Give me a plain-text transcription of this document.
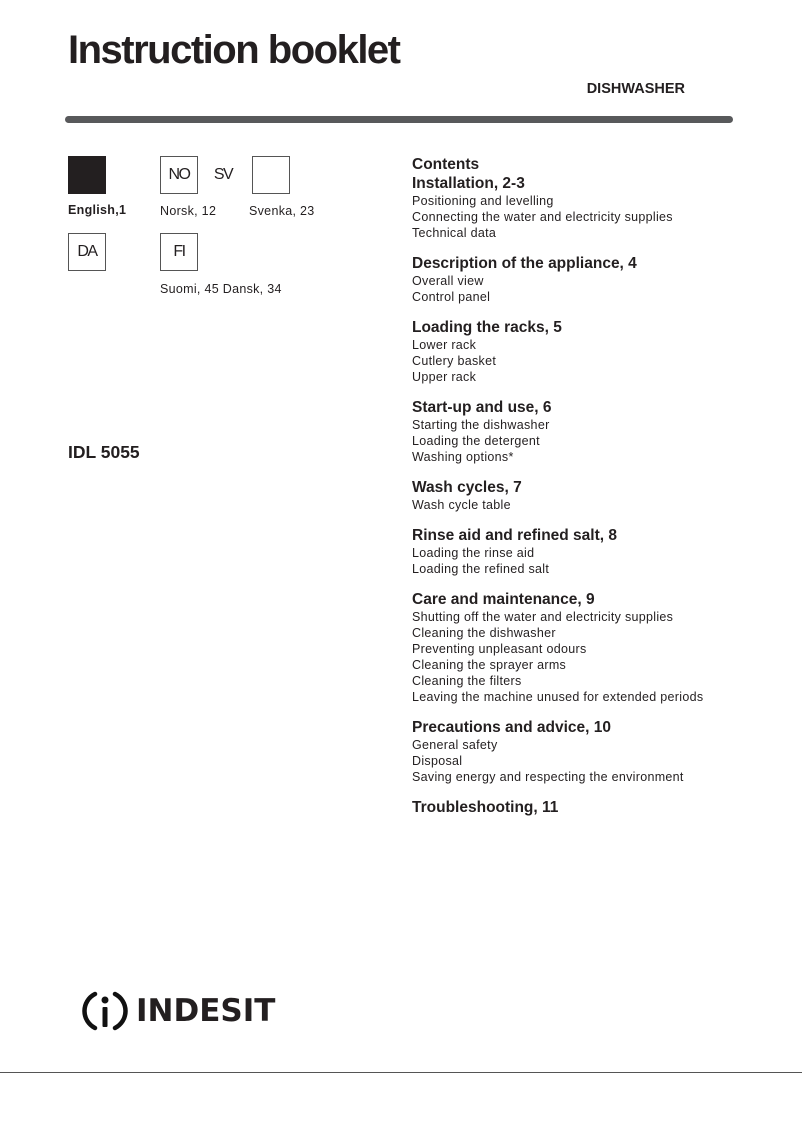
Instruction booklet
DISHWASHER
NO	SV
DA	FI
English,1	Norsk, 12	Svenka, 23
Suomi, 45 Dansk, 34
IDL 5055
Contents
Installation, 2-3
Positioning and levelling
Connecting the water and electricity supplies
Technical data
Description of the appliance, 4
Overall view
Control panel
Loading the racks, 5
Lower rack
Cutlery basket
Upper rack
Start-up and use, 6
Starting the dishwasher
Loading the detergent
Washing options*
Wash cycles, 7
Wash cycle table
Rinse aid and refined salt, 8
Loading the rinse aid
Loading the refined salt
Care and maintenance, 9
Shutting off the water and electricity supplies
Cleaning the dishwasher
Preventing unpleasant odours
Cleaning the sprayer arms
Cleaning the filters
Leaving the machine unused for extended periods
Precautions and advice, 10
General safety
Disposal
Saving energy and respecting the environment
Troubleshooting, 11
INDESIT
